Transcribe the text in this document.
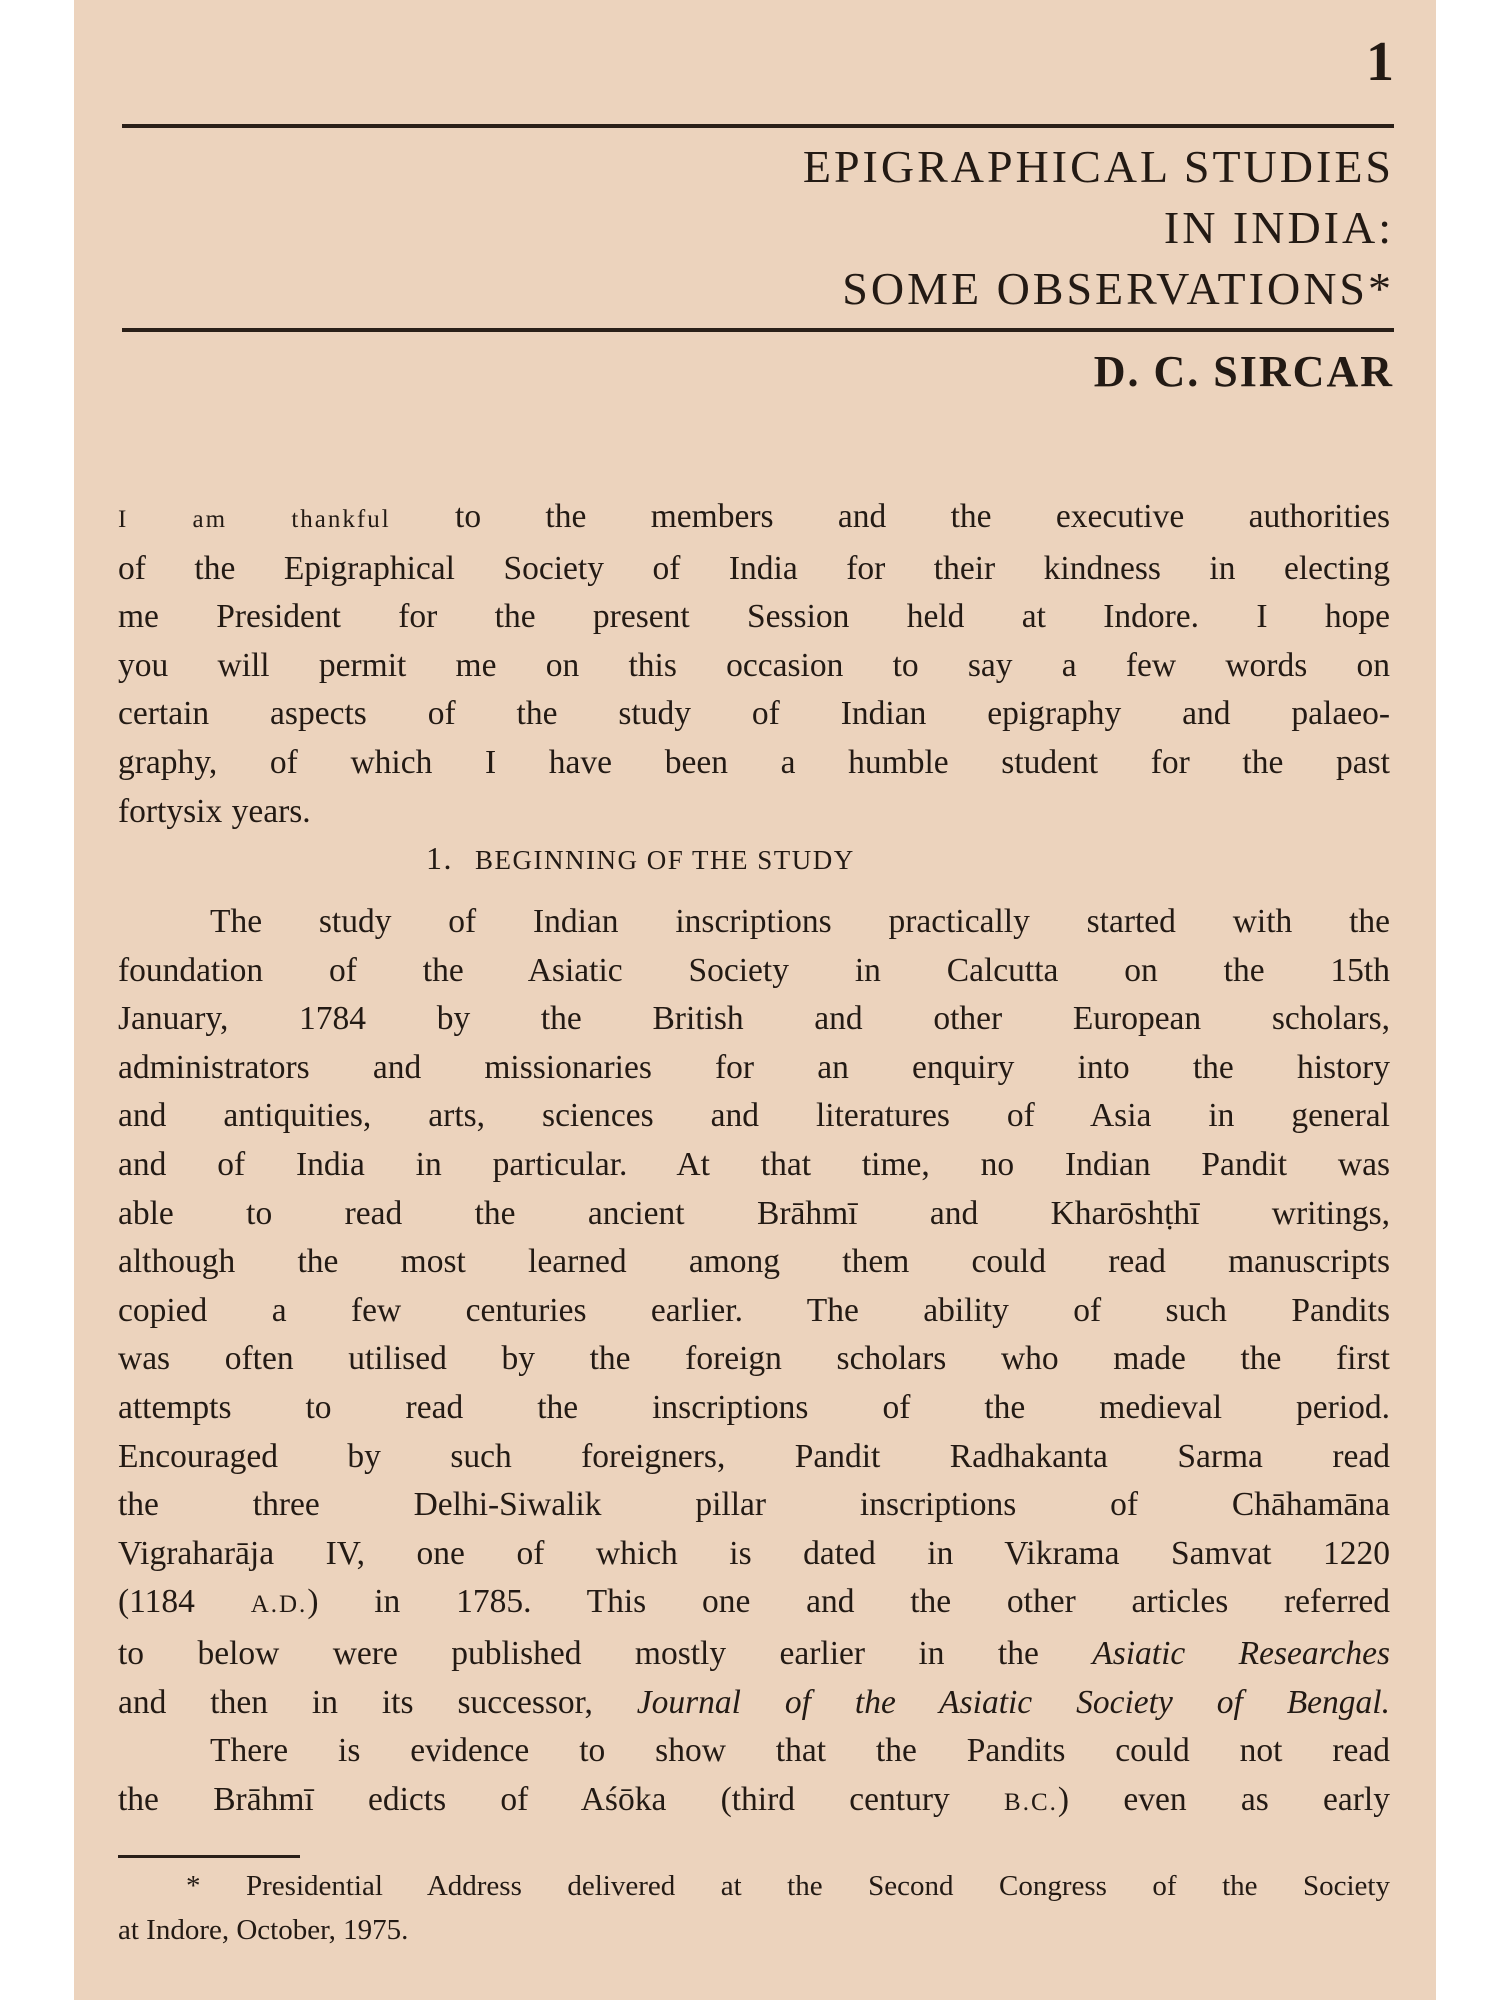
1
EPIGRAPHICAL STUDIES
IN INDIA:
SOME OBSERVATIONS*
D. C. SIRCAR
I am thankful to the members and the executive authorities
of the Epigraphical Society of India for their kindness in electing
me President for the present Session held at Indore. I hope
you will permit me on this occasion to say a few words on
certain aspects of the study of Indian epigraphy and palaeo-
graphy, of which I have been a humble student for the past
fortysix years.
1. BEGINNING OF THE STUDY
The study of Indian inscriptions practically started with the
foundation of the Asiatic Society in Calcutta on the 15th
January, 1784 by the British and other European scholars,
administrators and missionaries for an enquiry into the history
and antiquities, arts, sciences and literatures of Asia in general
and of India in particular. At that time, no Indian Pandit was
able to read the ancient Brāhmī and Kharōshṭhī writings,
although the most learned among them could read manuscripts
copied a few centuries earlier. The ability of such Pandits
was often utilised by the foreign scholars who made the first
attempts to read the inscriptions of the medieval period.
Encouraged by such foreigners, Pandit Radhakanta Sarma read
the three Delhi-Siwalik pillar inscriptions of Chāhamāna
Vigraharāja IV, one of which is dated in Vikrama Samvat 1220
(1184 A.D.) in 1785. This one and the other articles referred
to below were published mostly earlier in the Asiatic Researches
and then in its successor, Journal of the Asiatic Society of Bengal.
There is evidence to show that the Pandits could not read
the Brāhmī edicts of Aśōka (third century B.C.) even as early
* Presidential Address delivered at the Second Congress of the Society
at Indore, October, 1975.
